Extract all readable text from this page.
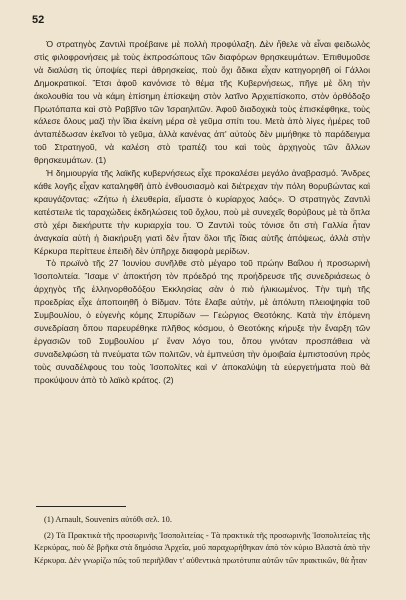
52

Ὁ στρατηγὸς Ζαντιλὶ προέβαινε μὲ πολλὴ προφύλαξη. Δὲν ἤθελε νὰ εἶναι φειδωλὸς στὶς φιλοφρονήσεις μὲ τοὺς ἐκπροσώπους τῶν διαφόρων θρησκευμάτων. Ἐπιθυμοῦσε νὰ διαλύση τὶς ὑποψίες περὶ ἀθρησκείας, ποὺ ὄχι ἄδικα εἶχαν κατηγορηθῆ οἱ Γάλλοι Δημοκρατικοί. Ἔτσι ἀφοῦ κανόνισε τὸ θέμα τῆς Κυβερνήσεως, πῆγε μὲ ὅλη τὴν ἀκολουθία του νὰ κάμη ἐπίσημη ἐπίσκεψη στὸν λατῖνο Ἀρχιεπίσκοπο, στὸν ὀρθόδοξο Πρωτόπαπα καὶ στὸ Ραββῖνο τῶν Ἰσραηλιτῶν. Ἀφοῦ διαδοχικὰ τοὺς ἐπισκέφθηκε, τοὺς κάλεσε ὅλους μαζὶ τὴν ἴδια ἐκείνη μέρα σὲ γεῦμα σπίτι του. Μετὰ ἀπὸ λίγες ἡμέρες τοῦ ἀνταπέδωσαν ἐκεῖνοι τὸ γεῦμα, ἀλλὰ κανένας ἀπ' αὐτοὺς δὲν μιμήθηκε τὸ παράδειγμα τοῦ Στρατηγοῦ, νὰ καλέση στὸ τραπέζι του καὶ τοὺς ἀρχηγοὺς τῶν ἄλλων θρησκευμάτων. (1)

Ἡ δημιουργία τῆς λαϊκῆς κυβερνήσεως εἶχε προκαλέσει μεγάλο ἀναβρασμό. Ἄνδρες κάθε λογῆς εἶχαν καταληφθῆ ἀπὸ ἐνθουσιασμὸ καὶ διέτρεχαν τὴν πόλη θορυβώντας καὶ κραυγάζοντας: «Ζήτω ἡ ἐλευθερία, εἴμαστε ὁ κυρίαρχος λαός». Ὁ στρατηγὸς Ζαντιλὶ κατέστειλε τὶς ταραχώδεις ἐκδηλώσεις τοῦ ὄχλου, ποὺ μὲ συνεχεῖς θορύβους μὲ τὰ ὅπλα στὸ χέρι διεκήρυττε τὴν κυριαρχία του. Ὁ Ζαντιλὶ τοὺς τόνισε ὅτι στὴ Γαλλία ἦταν ἀναγκαία αὐτὴ ἡ διακήρυξη γιατὶ δὲν ἦταν ὅλοι τῆς ἴδιας αὐτῆς ἀπόψεως, ἀλλὰ στὴν Κέρκυρα περίττευε ἐπειδὴ δὲν ὑπῆρχε διαφορὰ μερίδων.

Τὸ πρωϊνὸ τῆς 27 Ἰουνίου συνῆλθε στὸ μέγαρο τοῦ πρώην Βαΐλου ἡ προσωρινὴ Ἰσοπολιτεία. Ἴσαμε ν' ἀποκτήση τὸν πρόεδρό της προήδρευσε τῆς συνεδριάσεως ὁ ἀρχηγὸς τῆς ἑλληνορθοδόξου Ἐκκλησίας σὰν ὁ πιὸ ἡλικιωμένος. Τὴν τιμὴ τῆς προεδρίας εἶχε ἀποποιηθῆ ὁ Βίδμαν. Τότε ἔλαβε αὐτὴν, μὲ ἀπόλυτη πλειοψηφία τοῦ Συμβουλίου, ὁ εὐγενὴς κόμης Σπυρίδων — Γεώργιος Θεοτόκης. Κατὰ τὴν ἑπόμενη συνεδρίαση ὅπου παρευρέθηκε πλῆθος κόσμου, ὁ Θεοτόκης κήρυξε τὴν ἔναρξη τῶν ἐργασιῶν τοῦ Συμβουλίου μ' ἕναν λόγο του, ὅπου γινόταν προσπάθεια νὰ συναδελφώση τὰ πνεύματα τῶν πολιτῶν, νὰ ἐμπνεύση τὴν ὁμοιβαία ἐμπιστοσύνη πρὸς τοὺς συναδέλφους του τοὺς Ἰσοπολίτες καὶ ν' ἀποκαλύψη τὰ εὐεργετήματα ποὺ θὰ προκύψουν ἀπὸ τὸ λαϊκὸ κράτος. (2)

(1) Arnault, Souvenirs αὐτόθι σελ. 10.

(2) Τὰ Πρακτικὰ τῆς προσωρινῆς Ἰσοπολιτείας - Τὰ πρακτικὰ τῆς προσωρινῆς Ἰσοπολιτείας τῆς Κερκύρας, ποὺ δὲ βρῆκα στὰ δημόσια Ἀρχεῖα, μοῦ παραχωρήθηκαν ἀπὸ τὸν κύριο Βλαστὰ ἀπὸ τὴν Κέρκυρα. Δὲν γνωρίζω πῶς τοῦ περιῆλθαν τ' αὐθεντικὰ πρωτότυπα αὐτῶν τῶν πρακτικῶν, θὰ ἦταν
